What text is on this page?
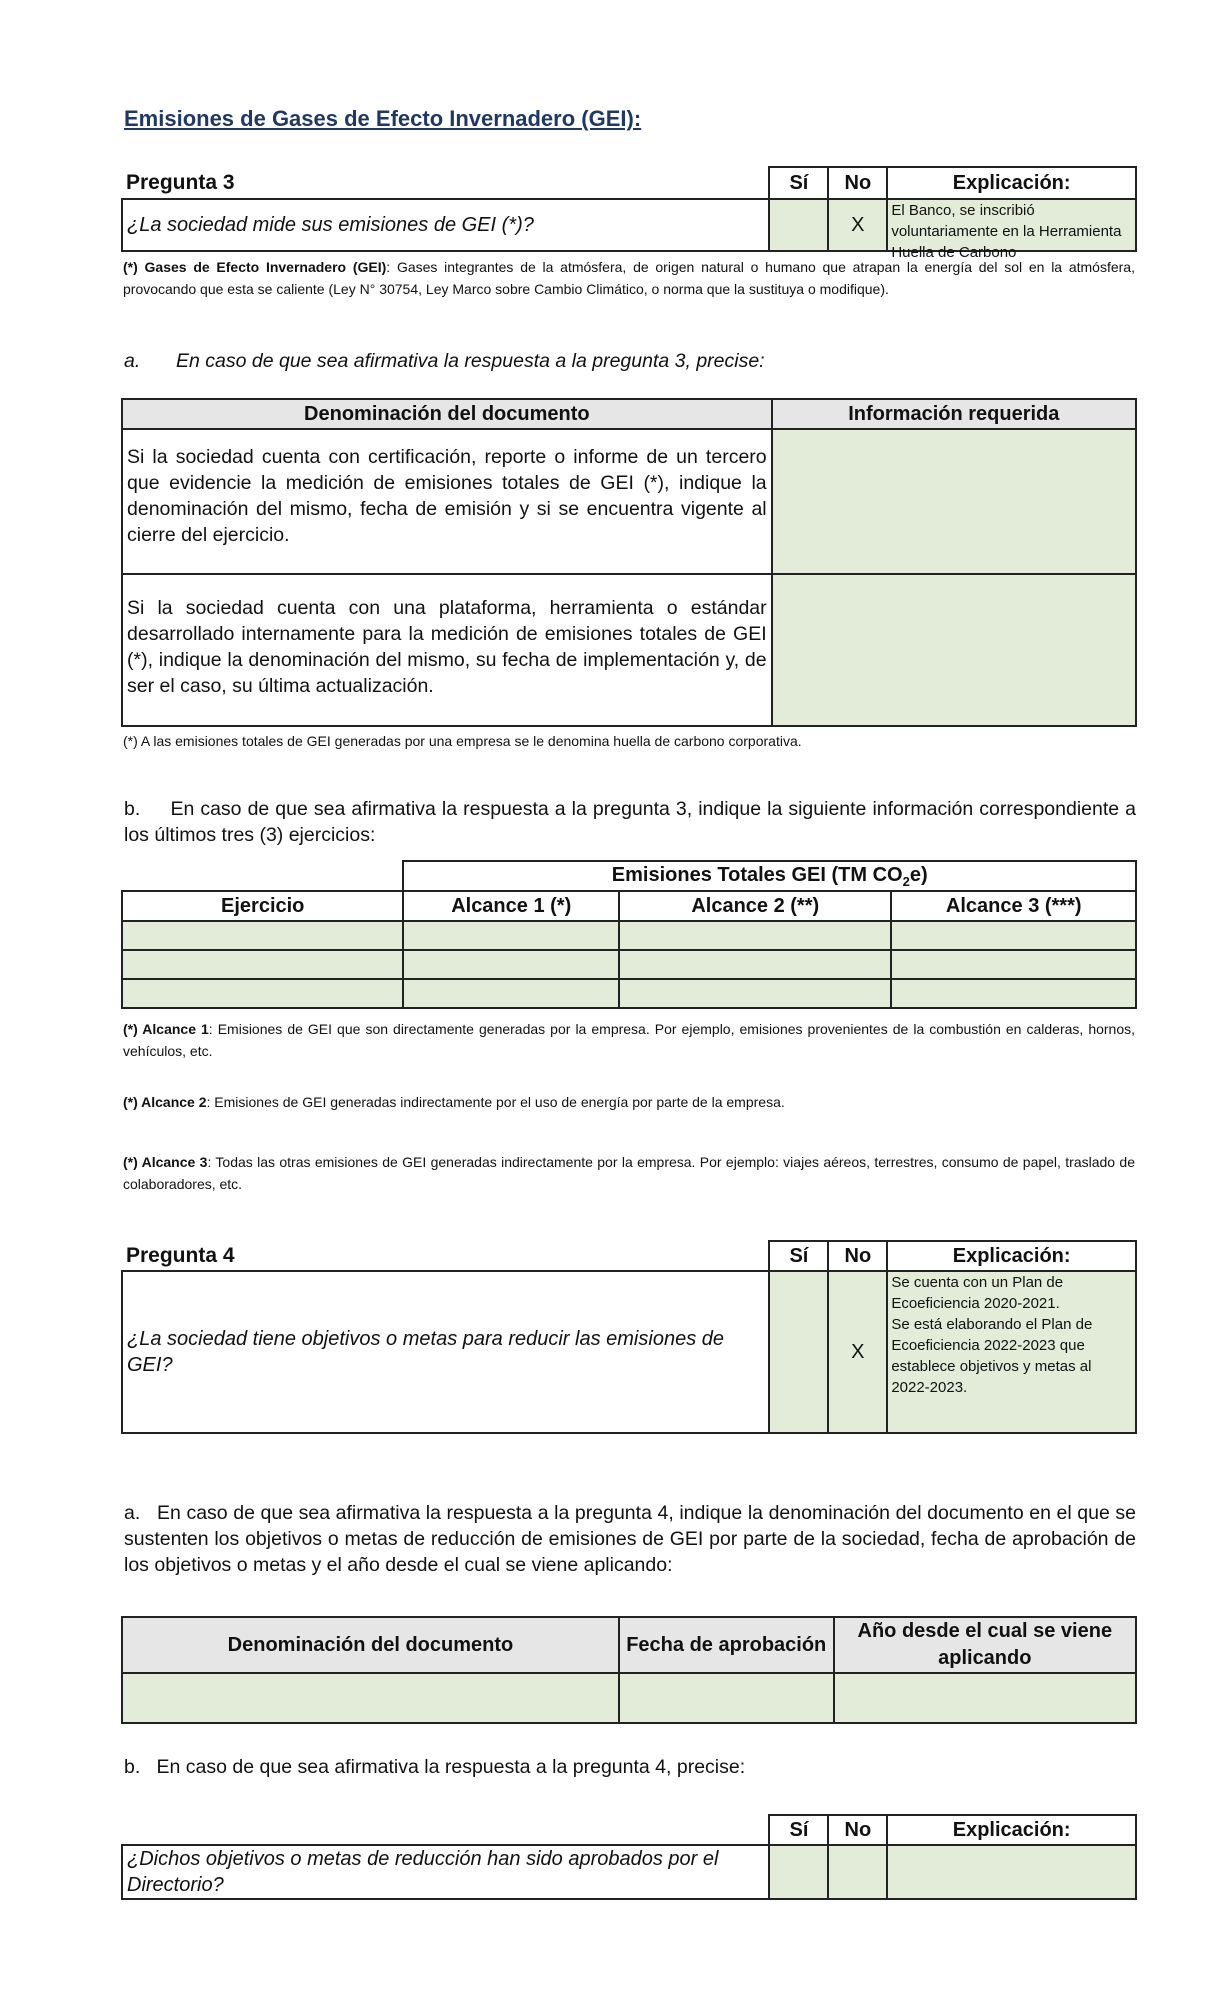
Emisiones de Gases de Efecto Invernadero (GEI):
Pregunta 3	Sí	No	Explicación:
¿La sociedad mide sus emisiones de GEI (*)?		X	El Banco, se inscribió voluntariamente en la Herramienta Huella de Carbono
(*) Gases de Efecto Invernadero (GEI): Gases integrantes de la atmósfera, de origen natural o humano que atrapan la energía del sol en la atmósfera, provocando que esta se caliente (Ley N° 30754, Ley Marco sobre Cambio Climático, o norma que la sustituya o modifique).
a. En caso de que sea afirmativa la respuesta a la pregunta 3, precise:
Denominación del documento	Información requerida
Si la sociedad cuenta con certificación, reporte o informe de un tercero que evidencie la medición de emisiones totales de GEI (*), indique la denominación del mismo, fecha de emisión y si se encuentra vigente al cierre del ejercicio.	
Si la sociedad cuenta con una plataforma, herramienta o estándar desarrollado internamente para la medición de emisiones totales de GEI (*), indique la denominación del mismo, su fecha de implementación y, de ser el caso, su última actualización.	
(*) A las emisiones totales de GEI generadas por una empresa se le denomina huella de carbono corporativa.
b. En caso de que sea afirmativa la respuesta a la pregunta 3, indique la siguiente información correspondiente a los últimos tres (3) ejercicios:
	Emisiones Totales GEI (TM $CO_2e$)		
Ejercicio	Alcance 1 (*)	Alcance 2 (**)	Alcance 3 (***)

(*) Alcance 1: Emisiones de GEI que son directamente generadas por la empresa. Por ejemplo, emisiones provenientes de la combustión en calderas, hornos, vehículos, etc.
(*) Alcance 2: Emisiones de GEI generadas indirectamente por el uso de energía por parte de la empresa.
(*) Alcance 3: Todas las otras emisiones de GEI generadas indirectamente por la empresa. Por ejemplo: viajes aéreos, terrestres, consumo de papel, traslado de colaboradores, etc.
Pregunta 4	Sí	No	Explicación:
¿La sociedad tiene objetivos o metas para reducir las emisiones de GEI?		X	Se cuenta con un Plan de Ecoeficiencia 2020-2021.
Se está elaborando el Plan de Ecoeficiencia 2022-2023 que establece objetivos y metas al 2022-2023.
a. En caso de que sea afirmativa la respuesta a la pregunta 4, indique la denominación del documento en el que se sustenten los objetivos o metas de reducción de emisiones de GEI por parte de la sociedad, fecha de aprobación de los objetivos o metas y el año desde el cual se viene aplicando:
Denominación del documento	Fecha de aprobación	Año desde el cual se viene aplicando

b. En caso de que sea afirmativa la respuesta a la pregunta 4, precise:
	Sí	No	Explicación:
¿Dichos objetivos o metas de reducción han sido aprobados por el Directorio?			
